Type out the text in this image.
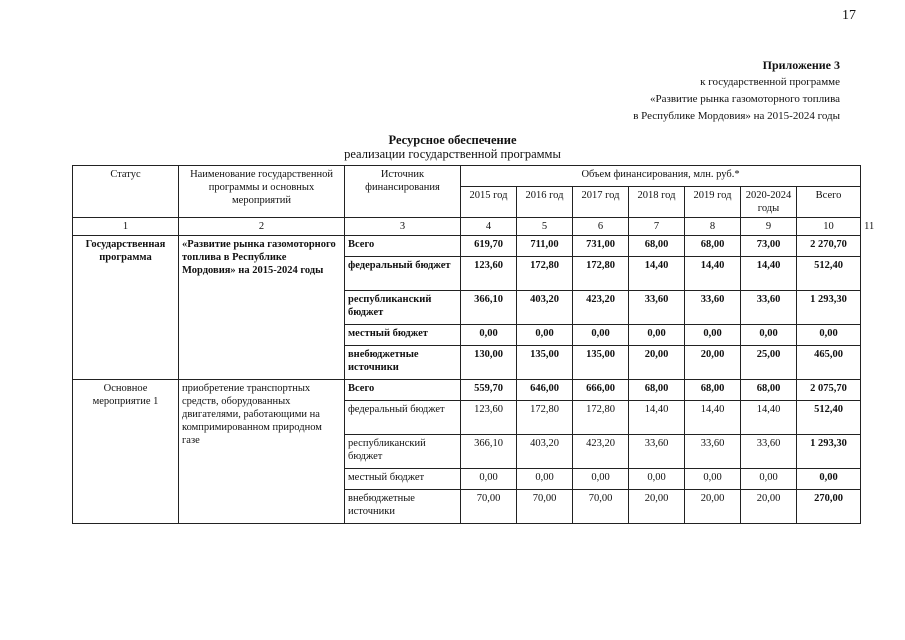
17
Приложение 3
к государственной программе
«Развитие рынка газомоторного топлива
в Республике Мордовия» на 2015-2024 годы
Ресурсное обеспечение
реализации государственной программы
Статус	Наименование государственной программы и основных мероприятий	Источник финансирования	Объем финансирования, млн. руб.*							
			2015 год	2016 год	2017 год	2018 год	2019 год	2020-2024 годы	Всего	
1	2	3	4	5	6	7	8	9	10	11
Государственная программа	«Развитие рынка газомоторного топлива в Республике Мордовия» на 2015-2024 годы	Всего	619,70	711,00	731,00	68,00	68,00	73,00	2 270,70	
		федеральный бюджет	123,60	172,80	172,80	14,40	14,40	14,40	512,40	
		республиканский бюджет	366,10	403,20	423,20	33,60	33,60	33,60	1 293,30	
		местный бюджет	0,00	0,00	0,00	0,00	0,00	0,00	0,00	
		внебюджетные источники	130,00	135,00	135,00	20,00	20,00	25,00	465,00	
Основное мероприятие 1	приобретение транспортных средств, оборудованных двигателями, работающими на компримированном природном газе	Всего	559,70	646,00	666,00	68,00	68,00	68,00	2 075,70	
		федеральный бюджет	123,60	172,80	172,80	14,40	14,40	14,40	512,40	
		республиканский бюджет	366,10	403,20	423,20	33,60	33,60	33,60	1 293,30	
		местный бюджет	0,00	0,00	0,00	0,00	0,00	0,00	0,00	
		внебюджетные источники	70,00	70,00	70,00	20,00	20,00	20,00	270,00	
